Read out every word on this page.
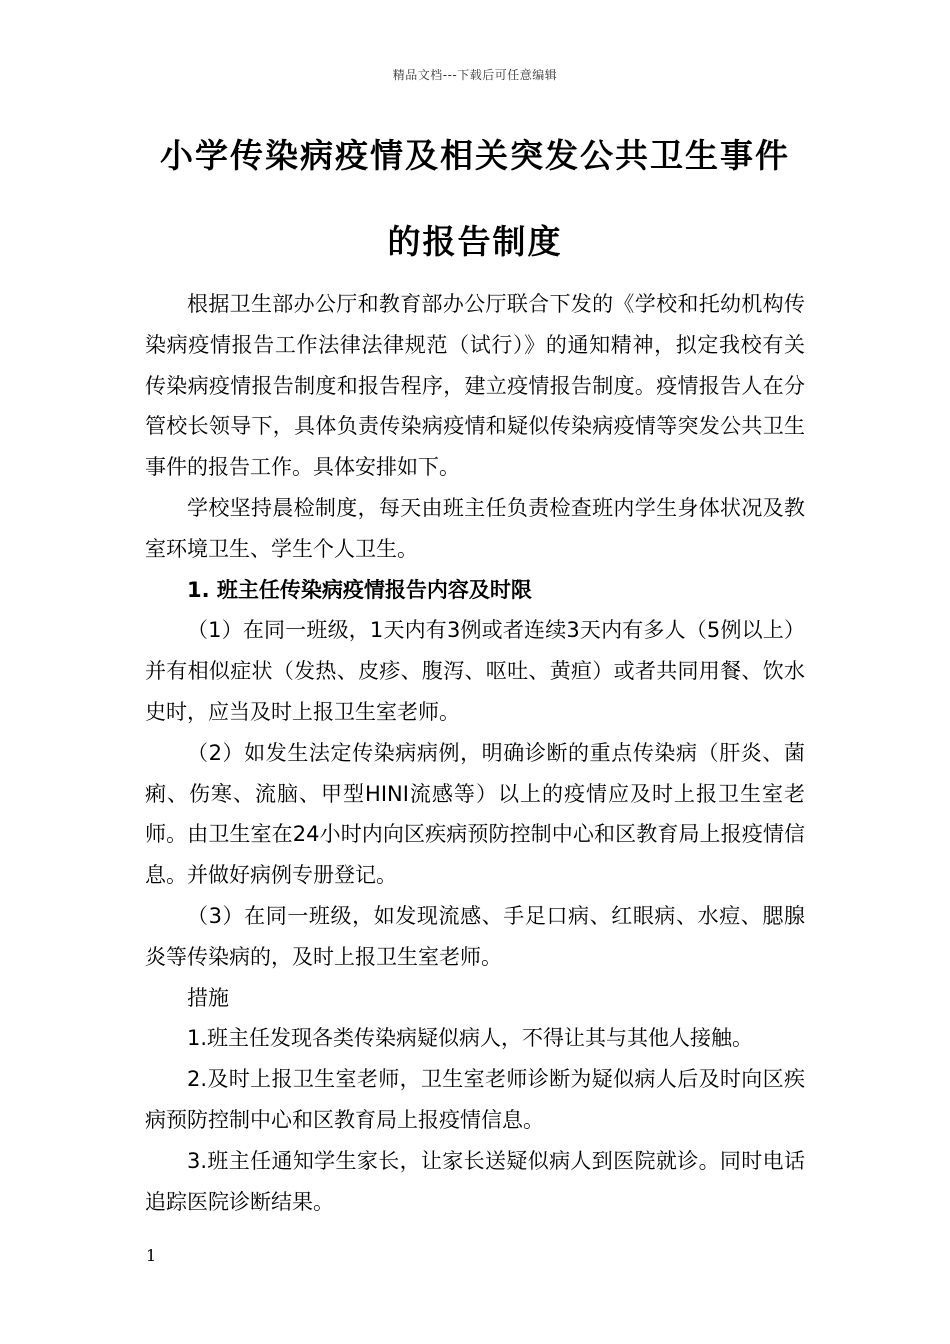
精品文档---下载后可任意编辑
小学传染病疫情及相关突发公共卫生事件
的报告制度

根据卫生部办公厅和教育部办公厅联合下发的《学校和托幼机构传染病疫情报告工作法律法律规范（试行）》的通知精神，拟定我校有关传染病疫情报告制度和报告程序，建立疫情报告制度。疫情报告人在分管校长领导下，具体负责传染病疫情和疑似传染病疫情等突发公共卫生事件的报告工作。具体安排如下。

学校坚持晨检制度，每天由班主任负责检查班内学生身体状况及教室环境卫生、学生个人卫生。

1. 班主任传染病疫情报告内容及时限

（1）在同一班级，1天内有3例或者连续3天内有多人（5例以上）并有相似症状（发热、皮疹、腹泻、呕吐、黄疸）或者共同用餐、饮水史时，应当及时上报卫生室老师。

（2）如发生法定传染病病例，明确诊断的重点传染病（肝炎、菌痢、伤寒、流脑、甲型HINI流感等）以上的疫情应及时上报卫生室老师。由卫生室在24小时内向区疾病预防控制中心和区教育局上报疫情信息。并做好病例专册登记。

（3）在同一班级，如发现流感、手足口病、红眼病、水痘、腮腺炎等传染病的，及时上报卫生室老师。

措施

1.班主任发现各类传染病疑似病人，不得让其与其他人接触。

2.及时上报卫生室老师，卫生室老师诊断为疑似病人后及时向区疾病预防控制中心和区教育局上报疫情信息。

3.班主任通知学生家长，让家长送疑似病人到医院就诊。同时电话追踪医院诊断结果。

1
